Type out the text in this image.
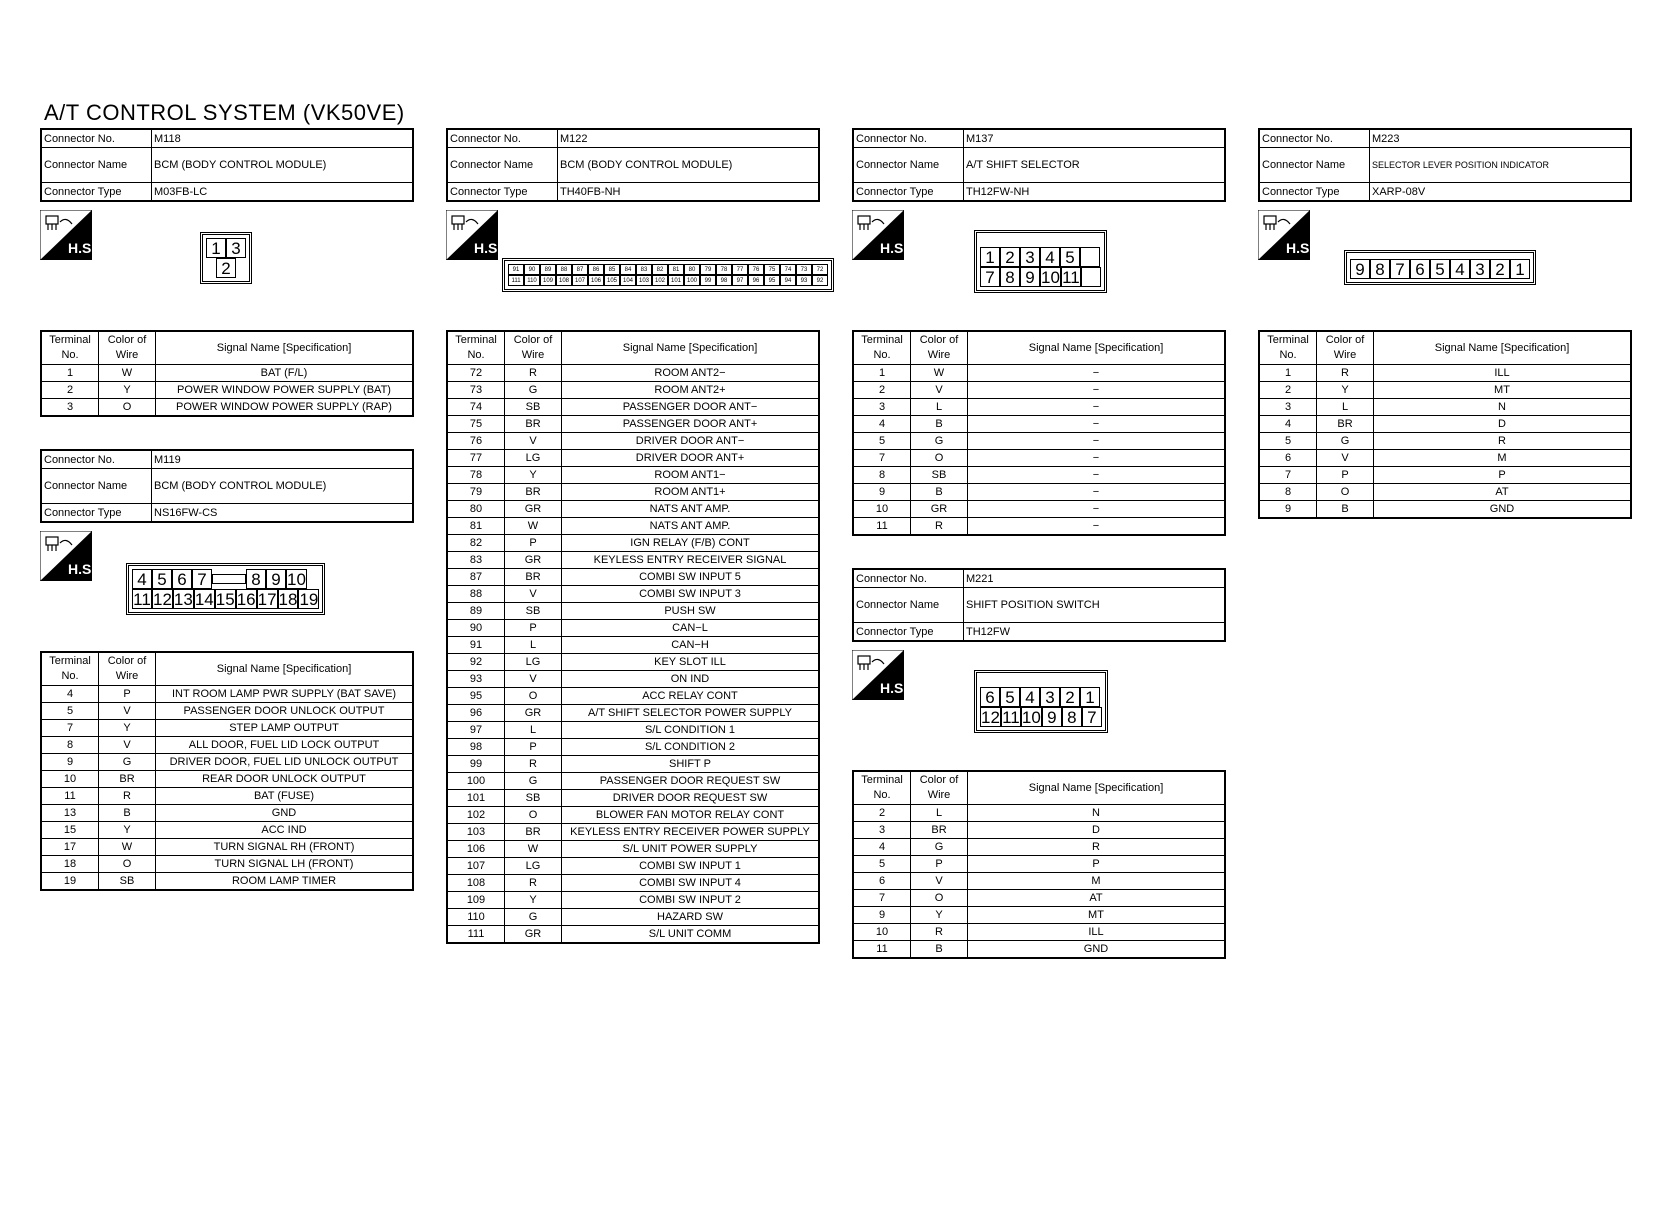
A/T CONTROL SYSTEM (VK50VE)
Connector No.	M118
Connector Name	BCM (BODY CONTROL MODULE)
Connector Type	M03FB-LC
H.S.	1 3
2
Terminal No.	Color of Wire	Signal Name [Specification]
1	W	BAT (F/L)
2	Y	POWER WINDOW POWER SUPPLY (BAT)
3	O	POWER WINDOW POWER SUPPLY (RAP)
Connector No.	M119
Connector Name	BCM (BODY CONTROL MODULE)
Connector Type	NS16FW-CS
H.S.
4 5 6 7	8 9 10
11 12 13 14 15 16 17 18 19
Terminal No.	Color of Wire	Signal Name [Specification]
4	P	INT ROOM LAMP PWR SUPPLY (BAT SAVE)
5	V	PASSENGER DOOR UNLOCK OUTPUT
7	Y	STEP LAMP OUTPUT
8	V	ALL DOOR, FUEL LID LOCK OUTPUT
9	G	DRIVER DOOR, FUEL LID UNLOCK OUTPUT
10	BR	REAR DOOR UNLOCK OUTPUT
11	R	BAT (FUSE)
13	B	GND
15	Y	ACC IND
17	W	TURN SIGNAL RH (FRONT)
18	O	TURN SIGNAL LH (FRONT)
19	SB	ROOM LAMP TIMER
Connector No.	M122
Connector Name	BCM (BODY CONTROL MODULE)
Connector Type	TH40FB-NH
H.S.
91	90	89	88	87	86	85	84	83	82	81	80	79	78	77	76	75	74	73	72
111	110	109 108 107 106 105 104 103 102 101 100	99	98	97	96	95	94	93	92
Terminal No.	Color of Wire	Signal Name [Specification]
72	R	ROOM ANT2−
73	G	ROOM ANT2+
74	SB	PASSENGER DOOR ANT−
75	BR	PASSENGER DOOR ANT+
76	V	DRIVER DOOR ANT−
77	LG	DRIVER DOOR ANT+
78	Y	ROOM ANT1−
79	BR	ROOM ANT1+
80	GR	NATS ANT AMP.
81	W	NATS ANT AMP.
82	P	IGN RELAY (F/B) CONT
83	GR	KEYLESS ENTRY RECEIVER SIGNAL
87	BR	COMBI SW INPUT 5
88	V	COMBI SW INPUT 3
89	SB	PUSH SW
90	P	CAN−L
91	L	CAN−H
92	LG	KEY SLOT ILL
93	V	ON IND
95	O	ACC RELAY CONT
96	GR	A/T SHIFT SELECTOR POWER SUPPLY
97	L	S/L CONDITION 1
98	P	S/L CONDITION 2
99	R	SHIFT P
100	G	PASSENGER DOOR REQUEST SW
101	SB	DRIVER DOOR REQUEST SW
102	O	BLOWER FAN MOTOR RELAY CONT
103	BR	KEYLESS ENTRY RECEIVER POWER SUPPLY
106	W	S/L UNIT POWER SUPPLY
107	LG	COMBI SW INPUT 1
108	R	COMBI SW INPUT 4
109	Y	COMBI SW INPUT 2
110	G	HAZARD SW
111	GR	S/L UNIT COMM
Connector No.	M137
Connector Name	A/T SHIFT SELECTOR
Connector Type	TH12FW-NH
H.S.	1 2 3 4 5
7 8 9 10 11
Terminal No.	Color of Wire	Signal Name [Specification]
1	W	−
2	V	−
3	L	−
4	B	−
5	G	−
7	O	−
8	SB	−
9	B	−
10	GR	−
11	R	−
Connector No.	M221
Connector Name	SHIFT POSITION SWITCH
Connector Type	TH12FW
H.S.	6 5 4 3 2 1
12 11 10 9 8 7
Terminal No.	Color of Wire	Signal Name [Specification]
2	L	N
3	BR	D
4	G	R
5	P	P
6	V	M
7	O	AT
9	Y	MT
10	R	ILL
11	B	GND
Connector No.	M223
Connector Name	SELECTOR LEVER POSITION INDICATOR
Connector Type	XARP-08V
H.S.
9 8 7 6 5 4 3 2 1
Terminal No.	Color of Wire	Signal Name [Specification]
1	R	ILL
2	Y	MT
3	L	N
4	BR	D
5	G	R
6	V	M
7	P	P
8	O	AT
9	B	GND
